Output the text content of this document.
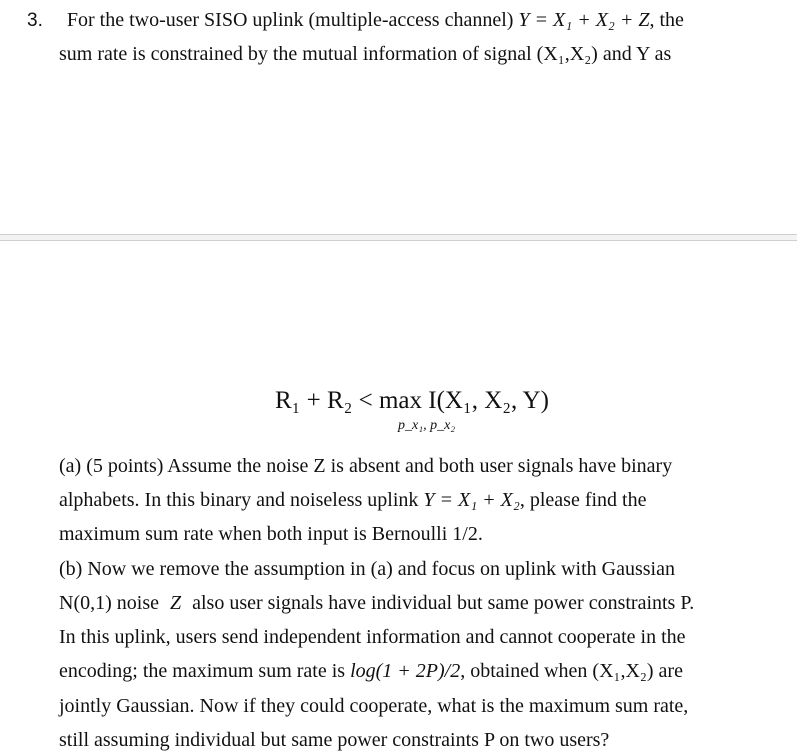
3. For the two-user SISO uplink (multiple-access channel) Y = X₁ + X₂ + Z, the
sum rate is constrained by the mutual information of signal (X₁,X₂) and Y as
R₁ + R₂ < max I(X₁, X₂, Y)
p_x₁, p_x₂
(a) (5 points) Assume the noise Z is absent and both user signals have binary
alphabets. In this binary and noiseless uplink Y = X₁ + X₂, please find the
maximum sum rate when both input is Bernoulli 1/2.
(b) Now we remove the assumption in (a) and focus on uplink with Gaussian
N(0,1) noise Z also user signals have individual but same power constraints P.
In this uplink, users send independent information and cannot cooperate in the
encoding; the maximum sum rate is log(1 + 2P)/2, obtained when (X₁,X₂) are
jointly Gaussian. Now if they could cooperate, what is the maximum sum rate,
still assuming individual but same power constraints P on two users?
